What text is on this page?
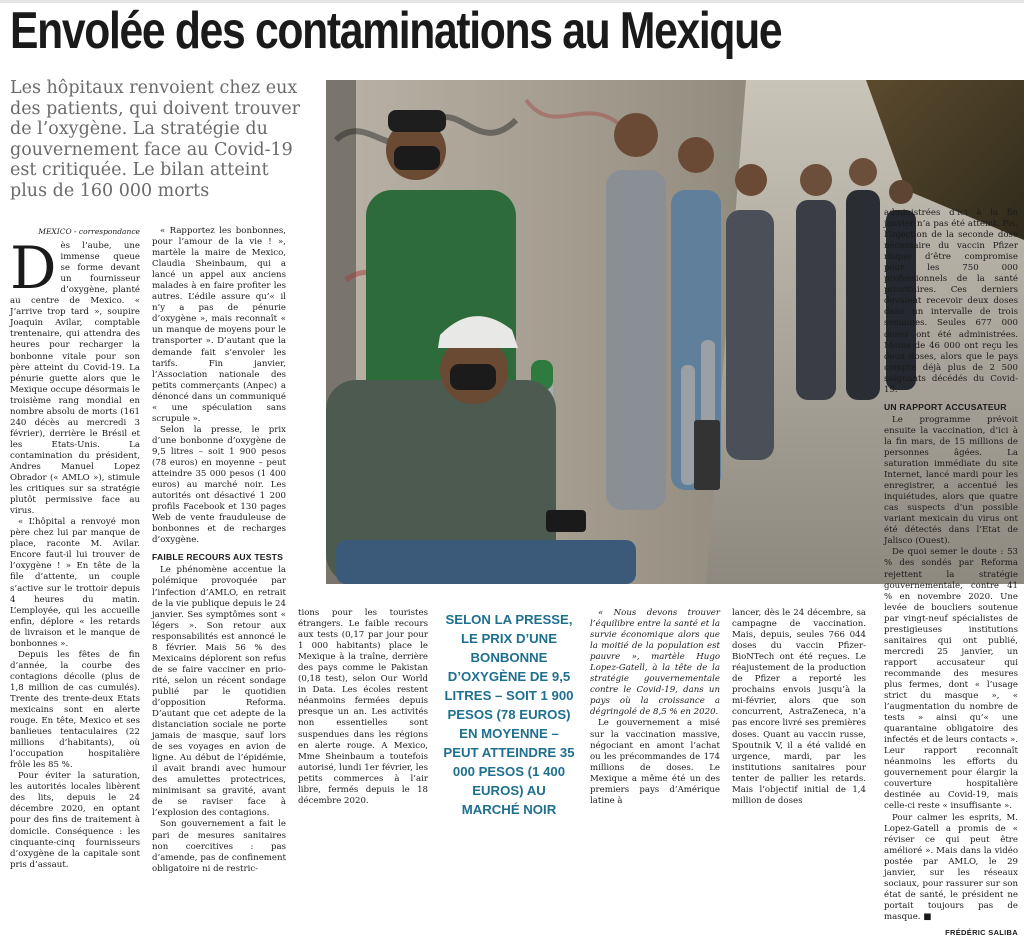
Envolée des contaminations au Mexique
Les hôpitaux renvoient chez eux des patients, qui doivent trouver de l’oxygène. La stratégie du gouvernement face au Covid-19 est critiquée. Le bilan atteint plus de 160 000 morts
MEXICO - correspondance
D ès l’aube, une immense queue se forme devant un fournisseur d’oxygène, planté au centre de Mexico. « J’arrive trop tard », soupire Joaquin Avilar, comptable trentenaire, qui attendra des heures pour recharger la bonbonne vitale pour son père atteint du Covid-19. La pénurie guette alors que le Mexique occupe désormais le troisième rang mondial en nombre absolu de morts (161 240 décès au mercredi 3 février), derrière le Brésil et les Etats-Unis. La contamination du président, Andres Manuel Lopez Obrador (« AMLO »), stimule les critiques sur sa stratégie plutôt permissive face au virus.

« L’hôpital a renvoyé mon père chez lui par manque de place, raconte M. Avilar. Encore faut-il lui trouver de l’oxygène ! » En tête de la file d’attente, un couple s’active sur le trottoir depuis 4 heures du matin. L’employée, qui les accueille enfin, déplore « les retards de livraison et le manque de bonbonnes ».

Depuis les fêtes de fin d’année, la courbe des contagions décolle (plus de 1,8 million de cas cumulés). Trente des trente-deux Etats mexicains sont en alerte rouge. En tête, Mexico et ses banlieues tentaculaires (22 millions d’habitants), où l’occupation hospitalière frôle les 85 %.

Pour éviter la saturation, les autorités locales libèrent des lits, depuis le 24 décembre 2020, en optant pour des fins de traitement à domicile. Conséquence : les cinquante-cinq fournisseurs d’oxygène de la capitale sont pris d’assaut.

« Rapportez les bonbonnes, pour l’amour de la vie ! », martèle la maire de Mexico, Claudia Sheinbaum, qui a lancé un appel aux anciens malades à en faire profiter les autres. L’édile assure qu’« il n’y a pas de pénurie d’oxygène », mais reconnaît « un manque de moyens pour le transporter ». D’autant que la demande fait s’envoler les tarifs. Fin janvier, l’Association nationale des petits commerçants (Anpec) a dénoncé dans un communiqué « une spéculation sans scrupule ».

Selon la presse, le prix d’une bonbonne d’oxygène de 9,5 litres – soit 1 900 pesos (78 euros) en moyenne – peut atteindre 35 000 pesos (1 400 euros) au marché noir. Les autorités ont désactivé 1 200 profils Facebook et 130 pages Web de vente frauduleuse de bonbonnes et de recharges d’oxygène.

FAIBLE RECOURS AUX TESTS

Le phénomène accentue la polémique provoquée par l’infection d’AMLO, en retrait de la vie publique depuis le 24 janvier. Ses symptômes sont « légers ». Son retour aux responsabilités est annoncé le 8 février. Mais 56 % des Mexicains déplorent son refus de se faire vacciner en prio-rité, selon un récent sondage publié par le quotidien d’opposition Reforma. D’autant que cet adepte de la distanciation sociale ne porte jamais de masque, sauf lors de ses voyages en avion de ligne. Au début de l’épidémie, il avait brandi avec humour des amulettes protectrices, minimisant sa gravité, avant de se raviser face à l’explosion des contagions.

Son gouvernement a fait le pari de mesures sanitaires non coercitives : pas d’amende, pas de confinement obligatoire ni de restric-

tions pour les touristes étrangers. Le faible recours aux tests (0,17 par jour pour 1 000 habitants) place le Mexique à la traîne, derrière des pays comme le Pakistan (0,18 test), selon Our World in Data. Les écoles restent néanmoins fermées depuis presque un an. Les activités non essentielles sont suspendues dans les régions en alerte rouge. A Mexico, Mme Sheinbaum a toutefois autorisé, lundi 1er février, les petits commerces à l’air libre, fermés depuis le 18 décembre 2020.

SELON LA PRESSE, LE PRIX D’UNE BONBONNE D’OXYGÈNE DE 9,5 LITRES – SOIT 1 900 PESOS (78 EUROS) EN MOYENNE – PEUT ATTEINDRE 35 000 PESOS (1 400 EUROS) AU MARCHÉ NOIR

« Nous devons trouver l’équilibre entre la santé et la survie économique alors que la moitié de la population est pauvre », martèle Hugo Lopez-Gatell, à la tête de la stratégie gouvernementale contre le Covid-19, dans un pays où la croissance a dégringolé de 8,5 % en 2020.

Le gouvernement a misé sur la vaccination massive, négociant en amont l’achat ou les précommandes de 174 millions de doses. Le Mexique a même été un des premiers pays d’Amérique latine à

lancer, dès le 24 décembre, sa campagne de vaccination. Mais, depuis, seules 766 044 doses du vaccin Pfizer-BioNTech ont été reçues. Le réajustement de la production de Pfizer a reporté les prochains envois jusqu’à la mi-février, alors que son concurrent, AstraZeneca, n’a pas encore livré ses premières doses. Quant au vaccin russe, Spoutnik V, il a été validé en urgence, mardi, par les institutions sanitaires pour tenter de pallier les retards. Mais l’objectif initial de 1,4 million de doses

administrées d’ici à la fin janvier n’a pas été atteint. Pis, l’injection de la seconde dose nécessaire du vaccin Pfizer risque d’être compromise pour les 750 000 professionnels de la santé prioritaires. Ces derniers devaient recevoir deux doses dans un intervalle de trois semaines. Seules 677 000 doses ont été administrées. Moins de 46 000 ont reçu les deux doses, alors que le pays compte déjà plus de 2 500 soignants décédés du Covid-19.

UN RAPPORT ACCUSATEUR

Le programme prévoit ensuite la vaccination, d’ici à la fin mars, de 15 millions de personnes âgées. La saturation immédiate du site Internet, lancé mardi pour les enregistrer, a accentué les inquiétudes, alors que quatre cas suspects d’un possible variant mexicain du virus ont été détectés dans l’Etat de Jalisco (Ouest).

De quoi semer le doute : 53 % des sondés par Reforma rejettent la stratégie gouvernementale, contre 41 % en novembre 2020. Une levée de boucliers soutenue par vingt-neuf spécialistes de prestigieuses institutions sanitaires qui ont publié, mercredi 25 janvier, un rapport accusateur qui recommande des mesures plus fermes, dont « l’usage strict du masque », « l’augmentation du nombre de tests » ainsi qu’« une quarantaine obligatoire des infectés et de leurs contacts ». Leur rapport reconnaît néanmoins les efforts du gouvernement pour élargir la couverture hospitalière destinée au Covid-19, mais celle-ci reste « insuffisante ».

Pour calmer les esprits, M. Lopez-Gatell a promis de « réviser ce qui peut être amélioré ». Mais dans la vidéo postée par AMLO, le 29 janvier, sur les réseaux sociaux, pour rassurer sur son état de santé, le président ne portait toujours pas de masque. ■

FRÉDÉRIC SALIBA
